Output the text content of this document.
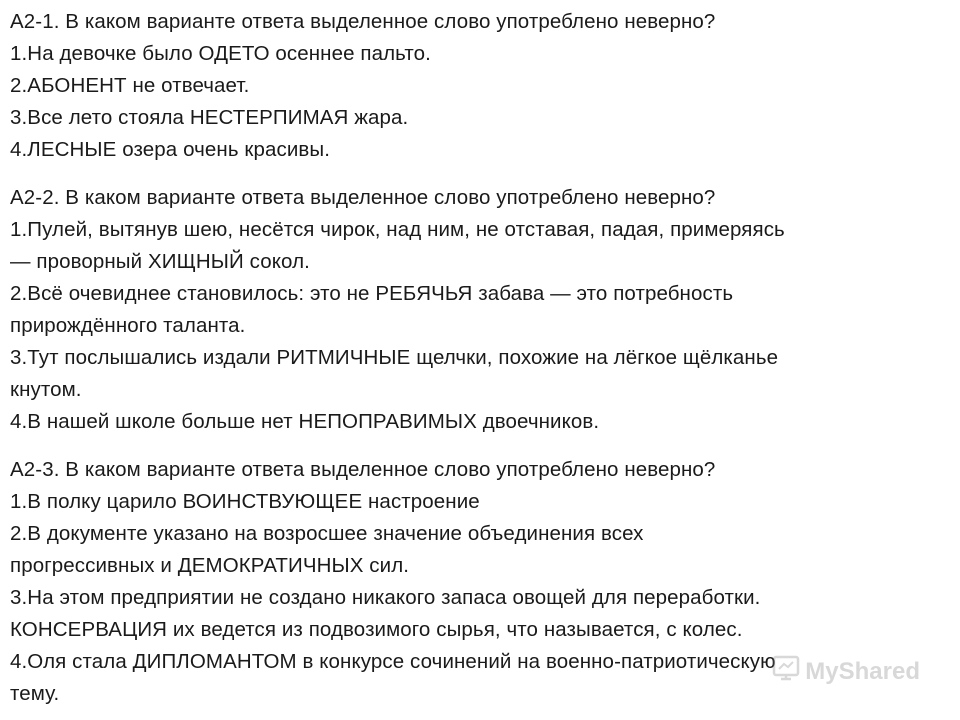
А2-1. В каком варианте ответа выделенное слово употреблено неверно?
1.На девочке было ОДЕТО осеннее пальто.
2.АБОНЕНТ не отвечает.
3.Все лето стояла НЕСТЕРПИМАЯ жара.
4.ЛЕСНЫЕ озера очень красивы.
А2-2. В каком варианте ответа выделенное слово употреблено неверно?
1.Пулей, вытянув шею, несётся чирок, над ним, не отставая, падая, примеряясь
— проворный ХИЩНЫЙ сокол.
2.Всё очевиднее становилось: это не РЕБЯЧЬЯ забава — это потребность
прирождённого таланта.
3.Тут послышались издали РИТМИЧНЫЕ щелчки, похожие на лёгкое щёлканье
кнутом.
4.В нашей школе больше нет НЕПОПРАВИМЫХ двоечников.
А2-3. В каком варианте ответа выделенное слово употреблено неверно?
1.В полку царило ВОИНСТВУЮЩЕЕ настроение
2.В документе указано на возросшее значение объединения всех
прогрессивных и ДЕМОКРАТИЧНЫХ сил.
3.На этом предприятии не создано никакого запаса овощей для переработки.
КОНСЕРВАЦИЯ их ведется из подвозимого сырья, что называется, с колес.
4.Оля стала ДИПЛОМАНТОМ в конкурсе сочинений на военно-патриотическую
тему.
MyShared
